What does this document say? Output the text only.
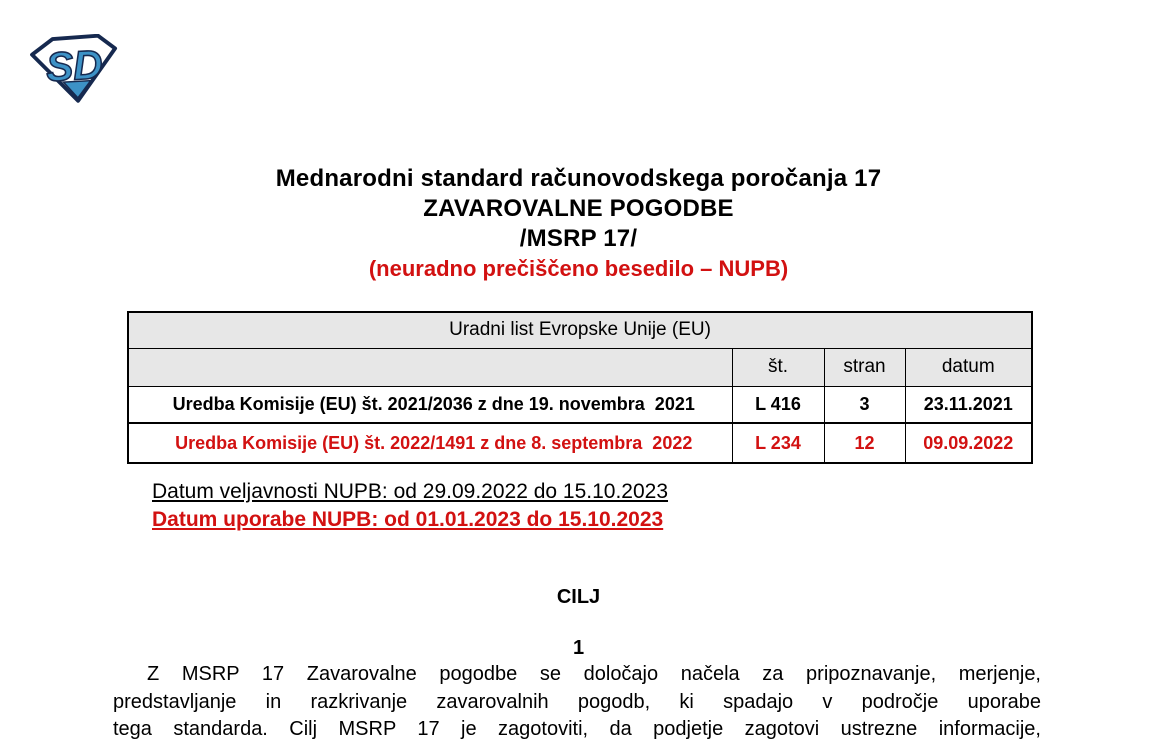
SD
Mednarodni standard računovodskega poročanja 17
ZAVAROVALNE POGODBE
/MSRP 17/
(neuradno prečiščeno besedilo – NUPB)
Uradni list Evropske Unije (EU)			
	št.	stran	datum
Uredba Komisije (EU) št. 2021/2036 z dne 19. novembra  2021	L 416	3	23.11.2021
Uredba Komisije (EU) št. 2022/1491 z dne 8. septembra  2022	L 234	12	09.09.2022
Datum veljavnosti NUPB: od 29.09.2022 do 15.10.2023
Datum uporabe NUPB: od 01.01.2023 do 15.10.2023
CILJ
1
Z MSRP 17 Zavarovalne pogodbe se določajo načela za pripoznavanje, merjenje,
predstavljanje in razkrivanje zavarovalnih pogodb, ki spadajo v področje uporabe
tega standarda. Cilj MSRP 17 je zagotoviti, da podjetje zagotovi ustrezne informacije,
